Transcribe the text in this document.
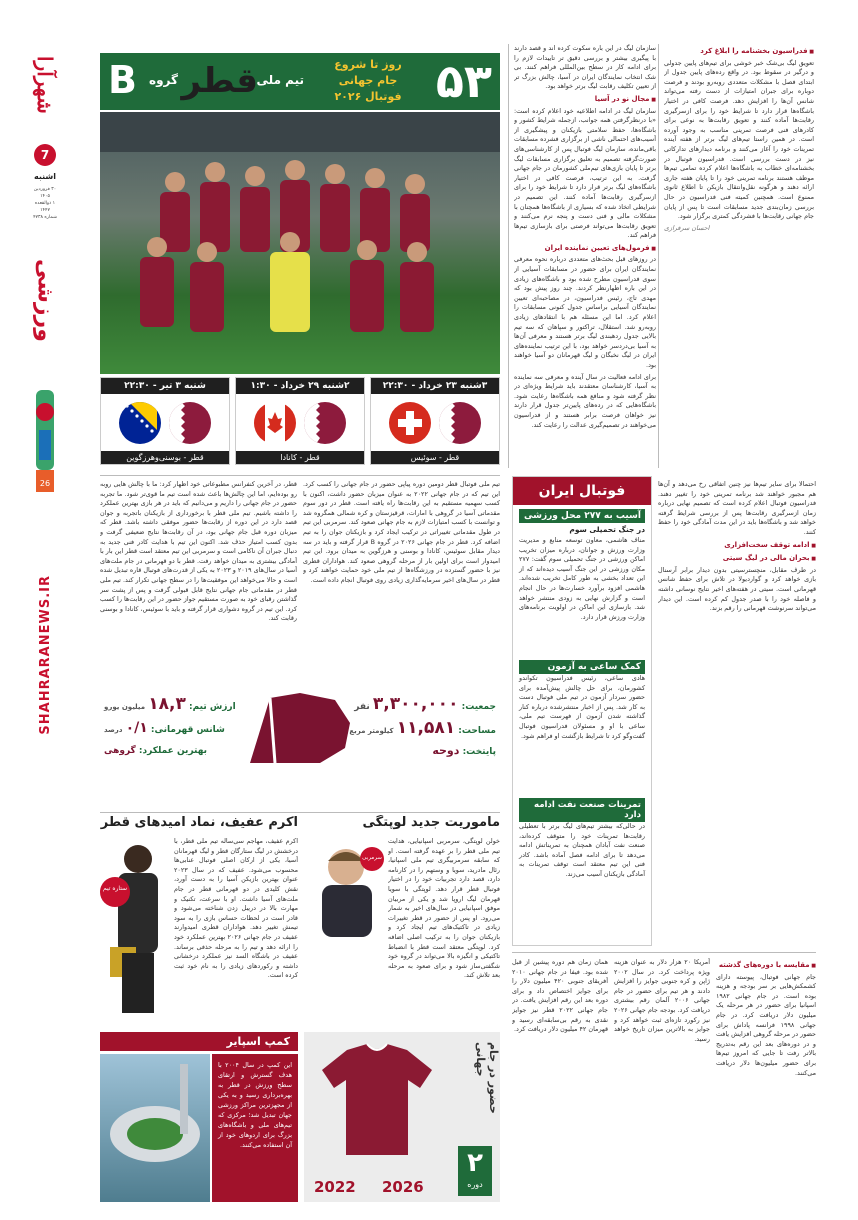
شهرآرا
7
اشنبه
۳۰ فروردین ۱۴۰۵
۱ ذوالقعده ۱۴۴۷
شماره ۴۷۳۸
ورزشی
26
SHAHRARANEWS.IR
۵۳
روز تا شروع
جام جهانی
فوتبال ۲۰۲۶
تیم ملی
قطر
گروه
B
۳شنبه ۲۳ خرداد - ۲۲:۳۰
قطر - سوئیس
۲شنبه ۲۹ خرداد - ۱:۳۰
قطر - کانادا
شنبه ۳ تیر - ۲۲:۳۰
قطر - بوسنی‌وهرزگوین

سازمان لیگ در این باره سکوت کرده اند و قصد دارند با پیگیری بیشتر و بررسی دقیق تر تاییدات لازم را برای ادامه کار در سطح بین‌المللی فراهم کنند. بی شک انتخاب نمایندگان ایران در آسیا، چالش بزرگ تر از تعیین تکلیف رقابت لیگ برتر خواهد بود.

■ مجال نو در آسیا

سازمان لیگ در ادامه اطلاعیه خود اعلام کرده است: «با درنظرگرفتن همه جوانب، ازجمله شرایط کشور و باشگاه‌ها، حفظ سلامتی بازیکنان و پیشگیری از آسیب‌های احتمالی ناشی از برگزاری فشرده مسابقات باقی‌مانده، سازمان لیگ فوتبال پس از کارشناسی‌های صورت‌گرفته تصمیم به تعلیق برگزاری مسابقات لیگ برتر تا پایان بازی‌های تیم‌ملی کشورمان در جام جهانی گرفت. به این ترتیب، فرصت کافی در اختیار باشگاه‌های لیگ برتر قرار دارد تا شرایط خود را برای ازسرگیری رقابت‌ها آماده کنند. این تصمیم در شرایطی اتخاذ شده که بسیاری از باشگاه‌ها همچنان با مشکلات مالی و فنی دست و پنجه نرم می‌کنند و تعویق رقابت‌ها می‌تواند فرصتی برای بازسازی تیم‌ها فراهم کند.

■ فرمول‌های تعیین نماینده ایران

در روزهای قبل بحث‌های متعددی درباره نحوه معرفی نمایندگان ایران برای حضور در مسابقات آسیایی از سوی فدراسیون مطرح شده بود و باشگاه‌های زیادی در این باره اظهارنظر کردند. چند روز پیش بود که مهدی تاج، رئیس فدراسیون، در مصاحبه‌ای تعیین نمایندگان آسیایی براساس جدول کنونی مسابقات را اعلام کرد. اما این مسئله هم با انتقادهای زیادی روبه‌رو شد. استقلال، تراکتور و سپاهان که سه تیم بالایی جدول ردهبندی لیگ برتر هستند و معرفی آن‌ها به آسیا بی‌دردسر خواهد بود، با این ترتیب نماینده‌های ایران در لیگ نخبگان و لیگ قهرمانان دو آسیا خواهند بود.

برای ادامه فعالیت در سال آینده و معرفی سه نماینده به آسیا، کارشناسان معتقدند باید شرایط ویژه‌ای در نظر گرفته شود و منافع همه باشگاه‌ها رعایت شود. باشگاه‌هایی که در رده‌های پایین‌تر جدول قرار دارند نیز خواهان فرصت برابر هستند و از فدراسیون می‌خواهند در تصمیم‌گیری عدالت را رعایت کند.

■ فدراسیون بخشنامه را ابلاغ کرد

تعویق لیگ بی‌شک خبر خوشی برای تیم‌های پایین جدولی و درگیر در سقوط بود. در واقع رده‌های پایین جدول از ابتدای فصل با مشکلات متعددی روبه‌رو بودند و فرصت دوباره برای جبران امتیازات از دست رفته می‌تواند شانس آن‌ها را افزایش دهد. فرصت کافی در اختیار باشگاه‌ها قرار دارد تا شرایط خود را برای ازسرگیری رقابت‌ها آماده کنند و تعویق رقابت‌ها به نوعی برای کادرهای فنی فرصت تمرینی مناسب به وجود آورده است. در همین راستا تیم‌های لیگ برتر از هفته آینده تمرینات خود را آغاز می‌کنند و برنامه دیدارهای تدارکاتی نیز در دست بررسی است. فدراسیون فوتبال در بخشنامه‌ای خطاب به باشگاه‌ها اعلام کرده تمامی تیم‌ها موظف هستند برنامه تمرینی خود را تا پایان هفته جاری ارائه دهند و هرگونه نقل‌وانتقال بازیکن تا اطلاع ثانوی ممنوع است. همچنین کمیته فنی فدراسیون در حال بررسی زمان‌بندی جدید مسابقات است تا پس از پایان جام جهانی رقابت‌ها با فشردگی کمتری برگزار شود.

احسان سرفرازی

تیم ملی فوتبال قطر دومین دوره پیاپی حضور در جام جهانی را کسب کرد. این تیم که در جام جهانی ۲۰۲۲ به عنوان میزبان حضور داشت، اکنون با کسب سهمیه مستقیم به این رقابت‌ها راه یافته است. قطر در دور سوم مقدماتی آسیا در گروهی با امارات، قرقیزستان و کره شمالی همگروه شد و توانست با کسب امتیازات لازم به جام جهانی صعود کند. سرمربی این تیم در طول مقدماتی تغییراتی در ترکیب ایجاد کرد و بازیکنان جوان را به تیم اضافه کرد. قطر در جام جهانی ۲۰۲۶ در گروه B قرار گرفته و باید در سه دیدار مقابل سوئیس، کانادا و بوسنی و هرزگوین به میدان برود. این تیم امیدوار است برای اولین بار از مرحله گروهی صعود کند. هواداران قطری نیز با حضور گسترده در ورزشگاه‌ها از تیم ملی خود حمایت خواهند کرد و قطر در سال‌های اخیر سرمایه‌گذاری زیادی روی فوتبال انجام داده است.

قطر، در آخرین کنفرانس مطبوعاتی خود اظهار کرد: ما با چالش هایی روبه رو بوده‌ایم، اما این چالش‌ها باعث شده است تیم ما قوی‌تر شود. ما تجربه حضور در جام جهانی را داریم و می‌دانیم که باید در هر بازی بهترین عملکرد را داشته باشیم. تیم ملی قطر با برخورداری از بازیکنان باتجربه و جوان قصد دارد در این دوره از رقابت‌ها حضور موفقی داشته باشد. قطر که میزبان دوره قبل جام جهانی بود، در آن رقابت‌ها نتایج ضعیفی گرفت و بدون کسب امتیاز حذف شد. اکنون این تیم با هدایت کادر فنی جدید به دنبال جبران آن ناکامی است و سرمربی این تیم معتقد است قطر این بار با آمادگی بیشتری به میدان خواهد رفت. قطر با دو قهرمانی در جام ملت‌های آسیا در سال‌های ۲۰۱۹ و ۲۰۲۳ به یکی از قدرت‌های فوتبال قاره تبدیل شده است و حالا می‌خواهد این موفقیت‌ها را در سطح جهانی تکرار کند. تیم ملی قطر در مقدماتی جام جهانی نتایج قابل قبولی گرفت و پس از پشت سر گذاشتن رقبای خود به صورت مستقیم جواز حضور در این رقابت‌ها را کسب کرد. این تیم در گروه دشواری قرار گرفته و باید با سوئیس، کانادا و بوسنی رقابت کند.

جمعیت: ۳,۳۰۰,۰۰۰ نفر
مساحت: ۱۱,۵۸۱ کیلومتر مربع
پایتخت: دوحه
ارزش تیم: ۱۸,۳ میلیون یورو
شانس قهرمانی: ۰/۱ درصد
بهترین عملکرد: گروهی
اکرم عفیف، نماد امیدهای قطر
ستاره تیم
اکرم عفیف، مهاجم سی‌ساله تیم ملی قطر، با درخشش در لیگ ستارگان قطر و لیگ قهرمانان آسیا، یکی از ارکان اصلی فوتبال عنابی‌ها محسوب می‌شود. عفیف که در سال ۲۰۲۳ عنوان بهترین بازیکن آسیا را به دست آورد، نقش کلیدی در دو قهرمانی قطر در جام ملت‌های آسیا داشت. او با سرعت، تکنیک و مهارت بالا در دریبل زدن شناخته می‌شود و قادر است در لحظات حساس بازی را به سود تیمش تغییر دهد. هواداران قطری امیدوارند عفیف در جام جهانی ۲۰۲۶ بهترین عملکرد خود را ارائه دهد و تیم را به مرحله حذفی برساند. عفیف در باشگاه السد نیز عملکرد درخشانی داشته و رکوردهای زیادی را به نام خود ثبت کرده است.
ماموریت جدید لوپتگی
سرمربی
خولن لوپتگی، سرمربی اسپانیایی، هدایت تیم ملی قطر را بر عهده گرفته است. او که سابقه سرمربیگری تیم ملی اسپانیا، رئال مادرید، سویا و وستهم را در کارنامه دارد، قصد دارد تجربیات خود را در اختیار فوتبال قطر قرار دهد. لوپتگی با سویا قهرمان لیگ اروپا شد و یکی از مربیان موفق اسپانیایی در سال‌های اخیر به شمار می‌رود. او پس از حضور در قطر تغییرات زیادی در تاکتیک‌های تیم ایجاد کرد و بازیکنان جوان را به ترکیب اصلی اضافه کرد. لوپتگی معتقد است قطر با انضباط تاکتیکی و انگیزه بالا می‌تواند در گروه خود شگفتی‌ساز شود و برای صعود به مرحله بعد تلاش کند.
کمپ اسپایر
این کمپ در سال ۲۰۰۴ با هدف گسترش و ارتقای سطح ورزش در قطر به بهره‌برداری رسید و به یکی از مجهزترین مراکز ورزشی جهان تبدیل شد؛ مرکزی که تیم‌های ملی و باشگاه‌های بزرگ برای اردوهای خود از آن استفاده می‌کنند.
2022 2026
حضور در جام جهانی
۲
دوره
فوتبال ایران
آسیب به ۲۷۷ محل ورزشی
در جنگ تحمیلی سوم
مناف هاشمی، معاون توسعه منابع و مدیریت وزارت ورزش و جوانان، درباره میزان تخریب اماکن ورزشی در جنگ تحمیلی سوم گفت: ۲۷۷ مکان ورزشی در این جنگ آسیب دیده‌اند که از این تعداد بخشی به طور کامل تخریب شده‌اند. هاشمی افزود برآورد خسارت‌ها در حال انجام است و گزارش نهایی به زودی منتشر خواهد شد. بازسازی این اماکن در اولویت برنامه‌های وزارت ورزش قرار دارد.
کمک ساعی به آزمون
هادی ساعی، رئیس فدراسیون تکواندو کشورمان، برای حل چالش پیش‌آمده برای حضور سردار آزمون در تیم ملی فوتبال دست به کار شد. پس از اخبار منتشرشده درباره کنار گذاشته شدن آزمون از فهرست تیم ملی، ساعی با او و مسئولان فدراسیون فوتبال گفت‌وگو کرد تا شرایط بازگشت او فراهم شود.
تمرینات صنعت نفت ادامه دارد
در حالی‌که بیشتر تیم‌های لیگ برتر با تعطیلی رقابت‌ها تمرینات خود را متوقف کرده‌اند، صنعت نفت آبادان همچنان به تمریناتش ادامه می‌دهد تا برای ادامه فصل آماده باشد. کادر فنی این تیم معتقد است توقف تمرینات به آمادگی بازیکنان آسیب می‌زند.

احتمالا برای سایر تیم‌ها نیز چنین اتفاقی رخ می‌دهد و آن‌ها هم مجبور خواهند شد برنامه تمرینی خود را تغییر دهند. فدراسیون فوتبال اعلام کرده است که تصمیم نهایی درباره زمان ازسرگیری رقابت‌ها پس از بررسی شرایط گرفته خواهد شد و باشگاه‌ها باید در این مدت آمادگی خود را حفظ کنند.

■ ادامه توقف سخت‌افزاری
■ بحران مالی در لیگ سیتی

در طرف مقابل، منچسترسیتی بدون دیدار برابر آرسنال بازی خواهد کرد و گواردیولا در تلاش برای حفظ شانس قهرمانی است. سیتی در هفته‌های اخیر نتایج نوسانی داشته و فاصله خود را با صدر جدول کم کرده است. این دیدار می‌تواند سرنوشت قهرمانی را رقم بزند.

همان زمان هم دوره پیشین از قبل شده بود. فیفا در جام جهانی ۲۰۱۰ آفریقای جنوبی ۴۲۰ میلیون دلار را برای جوایز اختصاص داد و برای دوره بعد این رقم افزایش یافت. در جام جهانی ۲۰۲۲ قطر نیز جوایز نقدی به رقم بی‌سابقه‌ای رسید و قهرمان ۴۲ میلیون دلار دریافت کرد.

آمریکا ۲۰ هزار دلار به عنوان هزینه ویژه پرداخت کرد. در سال ۲۰۰۲ ژاپن و کره جنوبی جوایز را افزایش دادند و هر تیم برای حضور در جام جهانی ۲۰۰۶ آلمان رقم بیشتری دریافت کرد. بودجه جام جهانی ۲۰۲۶ نیز رکورد تازه‌ای ثبت خواهد کرد و جوایز به بالاترین میزان تاریخ خواهد رسید.

■ مقایسه با دوره‌های گذشته

جام جهانی فوتبال، پیوسته دارای کشمکش‌هایی بر سر بودجه و هزینه بوده است. در جام جهانی ۱۹۸۲ اسپانیا برای حضور در هر مرحله یک میلیون دلار دریافت کرد. در جام جهانی ۱۹۹۸ فرانسه پاداش برای حضور در مرحله گروهی افزایش یافت و در دوره‌های بعد این رقم به‌تدریج بالاتر رفت تا جایی که امروز تیم‌ها برای حضور میلیون‌ها دلار دریافت می‌کنند.
